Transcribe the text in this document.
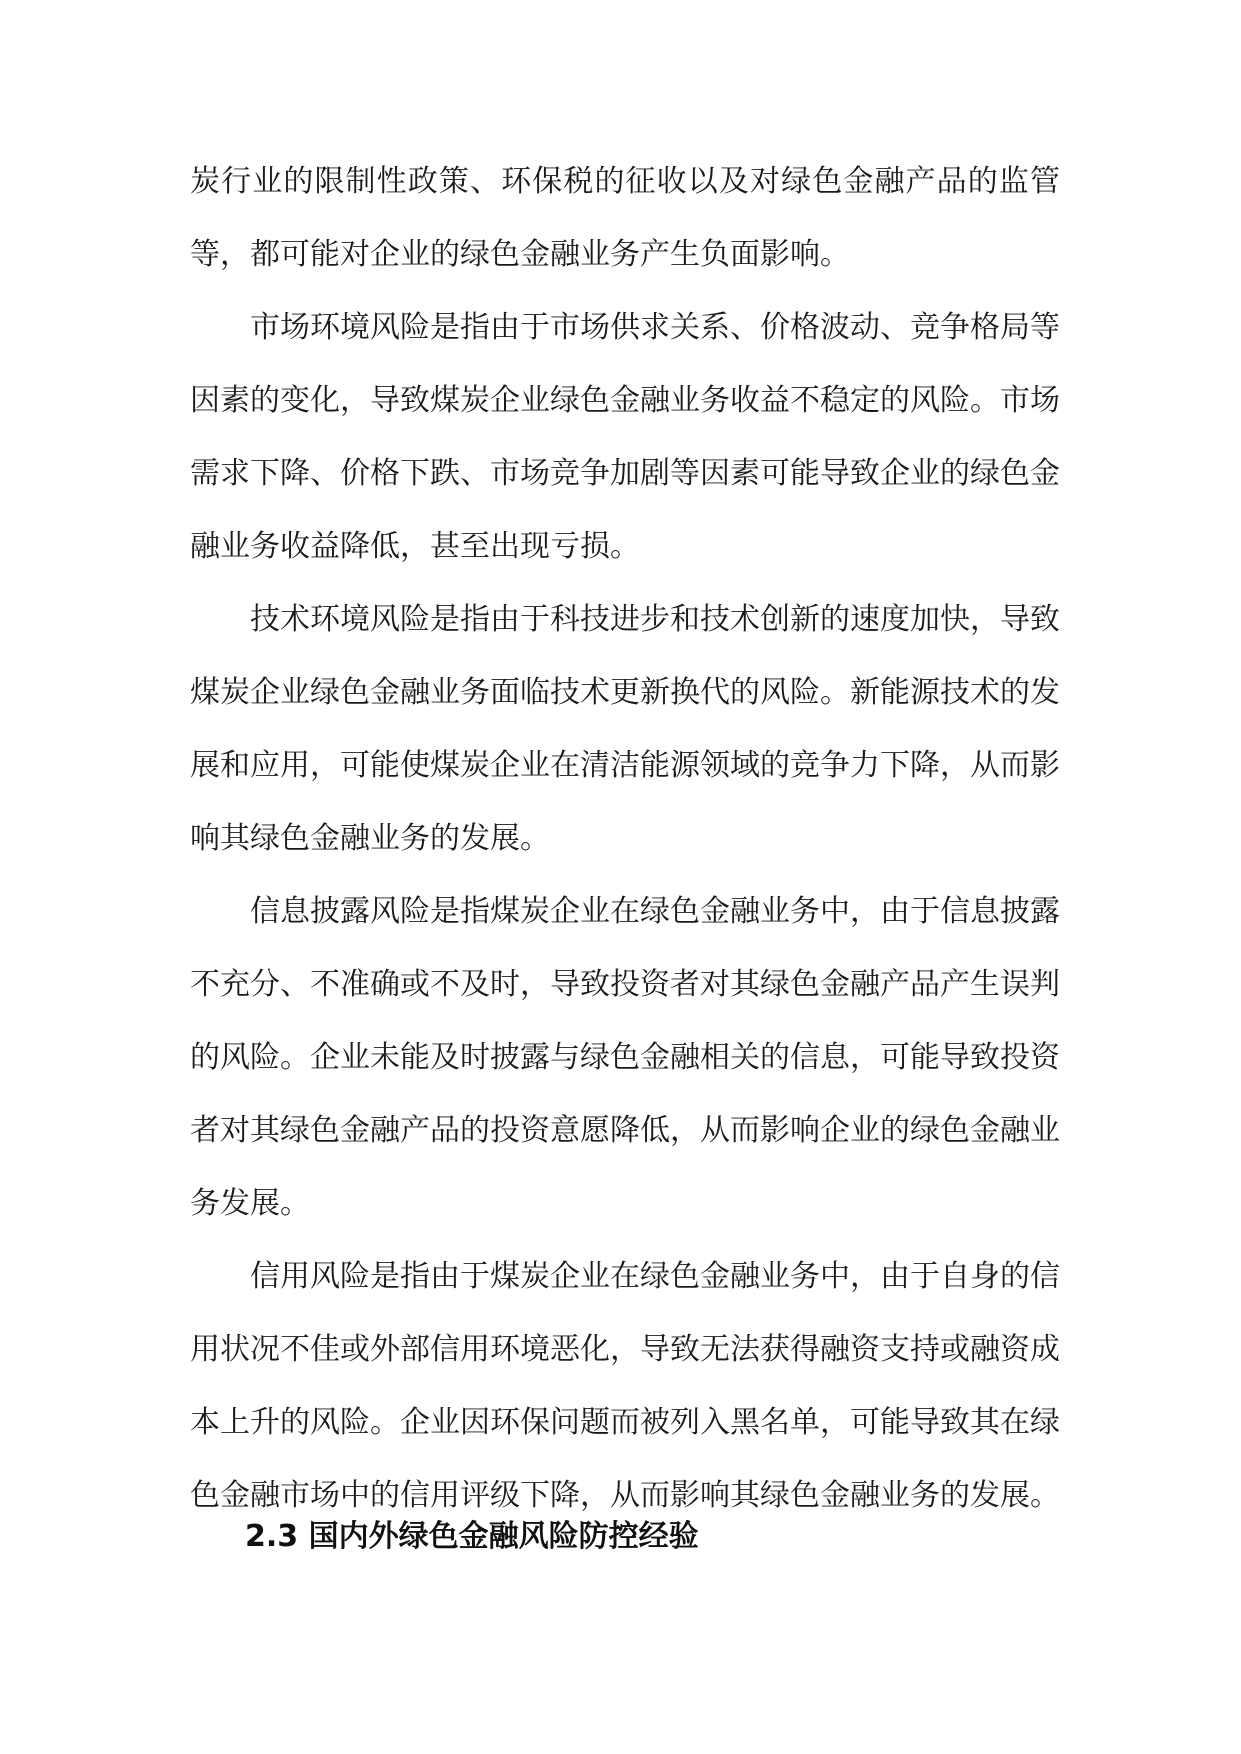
炭行业的限制性政策、环保税的征收以及对绿色金融产品的监管等，都可能对企业的绿色金融业务产生负面影响。

市场环境风险是指由于市场供求关系、价格波动、竞争格局等因素的变化，导致煤炭企业绿色金融业务收益不稳定的风险。市场需求下降、价格下跌、市场竞争加剧等因素可能导致企业的绿色金融业务收益降低，甚至出现亏损。

技术环境风险是指由于科技进步和技术创新的速度加快，导致煤炭企业绿色金融业务面临技术更新换代的风险。新能源技术的发展和应用，可能使煤炭企业在清洁能源领域的竞争力下降，从而影响其绿色金融业务的发展。

信息披露风险是指煤炭企业在绿色金融业务中，由于信息披露不充分、不准确或不及时，导致投资者对其绿色金融产品产生误判的风险。企业未能及时披露与绿色金融相关的信息，可能导致投资者对其绿色金融产品的投资意愿降低，从而影响企业的绿色金融业务发展。

信用风险是指由于煤炭企业在绿色金融业务中，由于自身的信用状况不佳或外部信用环境恶化，导致无法获得融资支持或融资成本上升的风险。企业因环保问题而被列入黑名单，可能导致其在绿色金融市场中的信用评级下降，从而影响其绿色金融业务的发展。

2.3 国内外绿色金融风险防控经验
